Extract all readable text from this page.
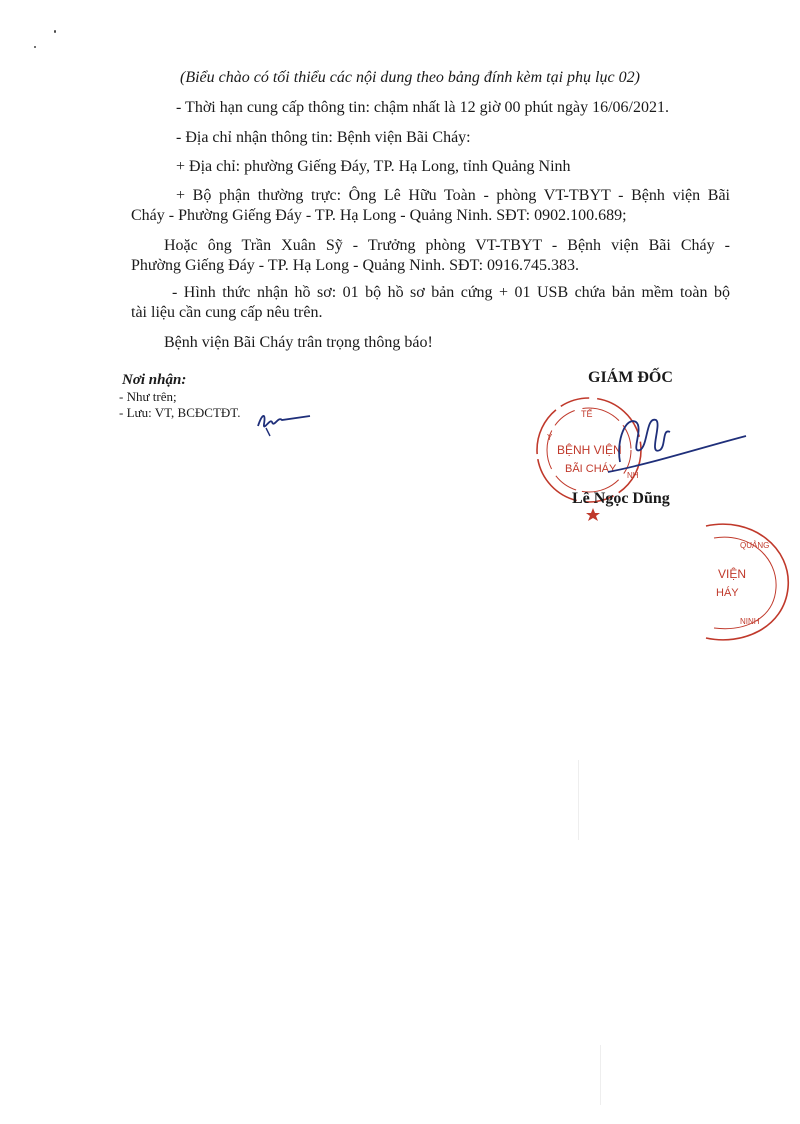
(Biểu chào có tối thiểu các nội dung theo bảng đính kèm tại phụ lục 02)
- Thời hạn cung cấp thông tin: chậm nhất là 12 giờ 00 phút ngày 16/06/2021.
- Địa chỉ nhận thông tin: Bệnh viện Bãi Cháy:
+ Địa chỉ: phường Giếng Đáy, TP. Hạ Long, tỉnh Quảng Ninh
+ Bộ phận thường trực: Ông Lê Hữu Toàn - phòng VT-TBYT - Bệnh viện Bãi
Cháy - Phường Giếng Đáy - TP. Hạ Long - Quảng Ninh. SĐT: 0902.100.689;
Hoặc ông Trần Xuân Sỹ - Trưởng phòng VT-TBYT - Bệnh viện Bãi Cháy -
Phường Giếng Đáy - TP. Hạ Long - Quảng Ninh. SĐT: 0916.745.383.
- Hình thức nhận hồ sơ: 01 bộ hồ sơ bản cứng + 01 USB chứa bản mềm toàn bộ
tài liệu cần cung cấp nêu trên.
Bệnh viện Bãi Cháy trân trọng thông báo!
Nơi nhận:
- Như trên;
- Lưu: VT, BCĐCTĐT.
GIÁM ĐỐC
TẾ
BỆNH VIỆN
BÃI CHÁY
Y
NH
Lê Ngọc Dũng
QUẢNG
VIỆN
HÁY
NINH
